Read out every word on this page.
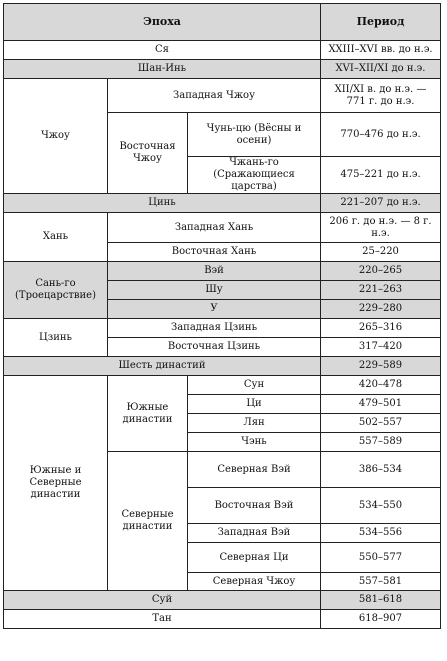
Эпоха			Период
Ся			XXIII–XVI вв. до н.э.
Шан-Инь			XVI–XII/XI до н.э.
Чжоу	Западная Чжоу		XII/XI в. до н.э. — 771 г. до н.э.
	Восточная Чжоу	Чунь-цю (Вёсны и осени)	770–476 до н.э.
		Чжань-го (Сражающиеся царства)	475–221 до н.э.
Цинь			221–207 до н.э.
Хань	Западная Хань		206 г. до н.э. — 8 г. н.э.
	Восточная Хань		25–220
Сань-го (Троецарствие)	Вэй		220–265
	Шу		221–263
	У		229–280
Цзинь	Западная Цзинь		265–316
	Восточная Цзинь		317–420
Шесть династий			229–589
Южные и Северные династии	Южные династии	Сун	420–478
		Ци	479–501
		Лян	502–557
		Чэнь	557–589
	Северные династии	Северная Вэй	386–534
		Восточная Вэй	534–550
		Западная Вэй	534–556
		Северная Ци	550–577
		Северная Чжоу	557–581
Суй			581–618
Тан			618–907
